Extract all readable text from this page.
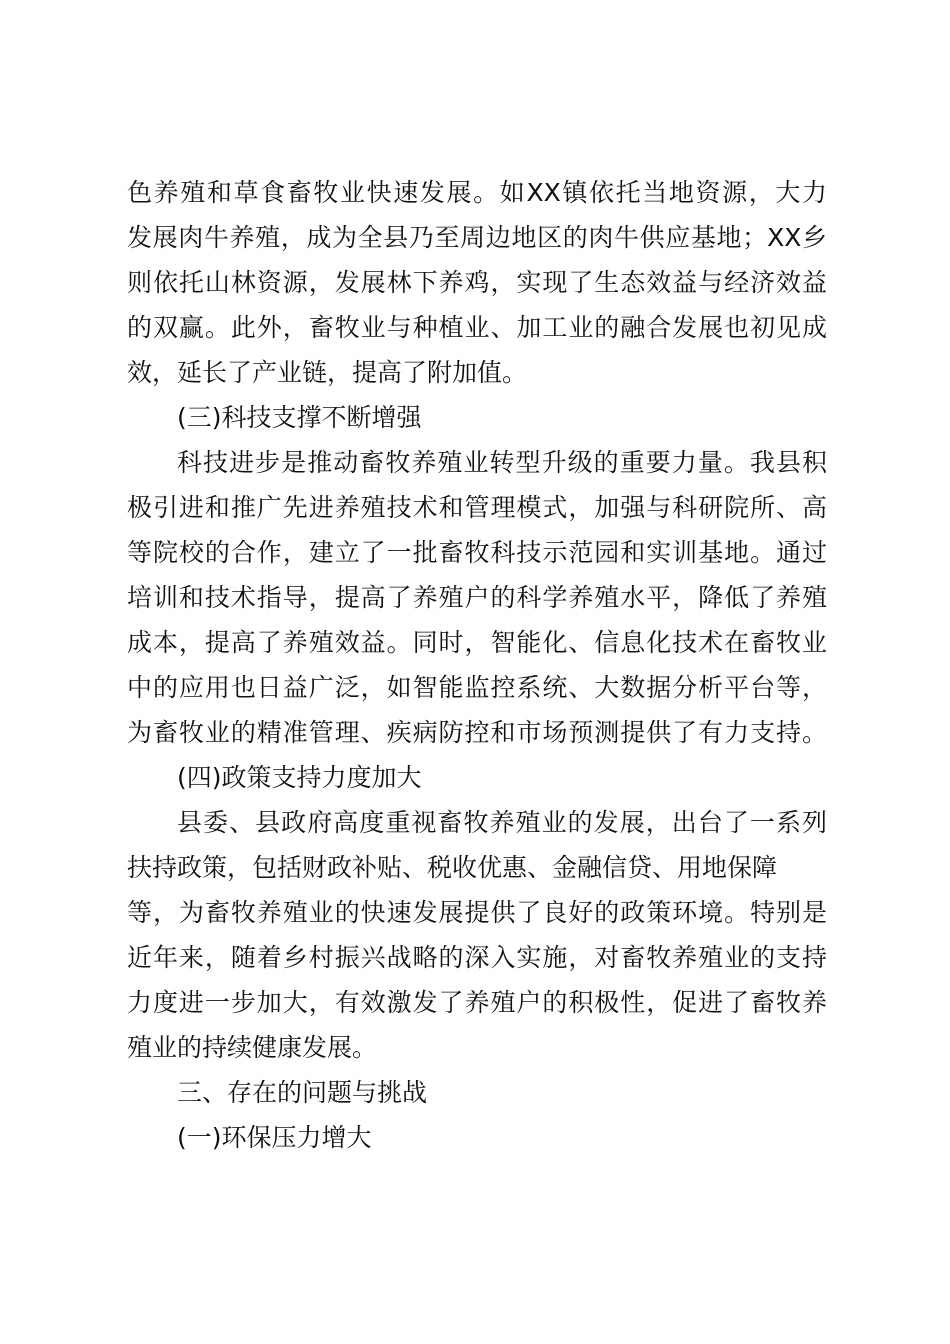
色养殖和草食畜牧业快速发展。如XX镇依托当地资源，大力
发展肉牛养殖，成为全县乃至周边地区的肉牛供应基地；XX乡
则依托山林资源，发展林下养鸡，实现了生态效益与经济效益
的双赢。此外，畜牧业与种植业、加工业的融合发展也初见成
效，延长了产业链，提高了附加值。
(三)科技支撑不断增强
科技进步是推动畜牧养殖业转型升级的重要力量。我县积
极引进和推广先进养殖技术和管理模式，加强与科研院所、高
等院校的合作，建立了一批畜牧科技示范园和实训基地。通过
培训和技术指导，提高了养殖户的科学养殖水平，降低了养殖
成本，提高了养殖效益。同时，智能化、信息化技术在畜牧业
中的应用也日益广泛，如智能监控系统、大数据分析平台等，
为畜牧业的精准管理、疾病防控和市场预测提供了有力支持。
(四)政策支持力度加大
县委、县政府高度重视畜牧养殖业的发展，出台了一系列
扶持政策，包括财政补贴、税收优惠、金融信贷、用地保障
等，为畜牧养殖业的快速发展提供了良好的政策环境。特别是
近年来，随着乡村振兴战略的深入实施，对畜牧养殖业的支持
力度进一步加大，有效激发了养殖户的积极性，促进了畜牧养
殖业的持续健康发展。
三、存在的问题与挑战
(一)环保压力增大
